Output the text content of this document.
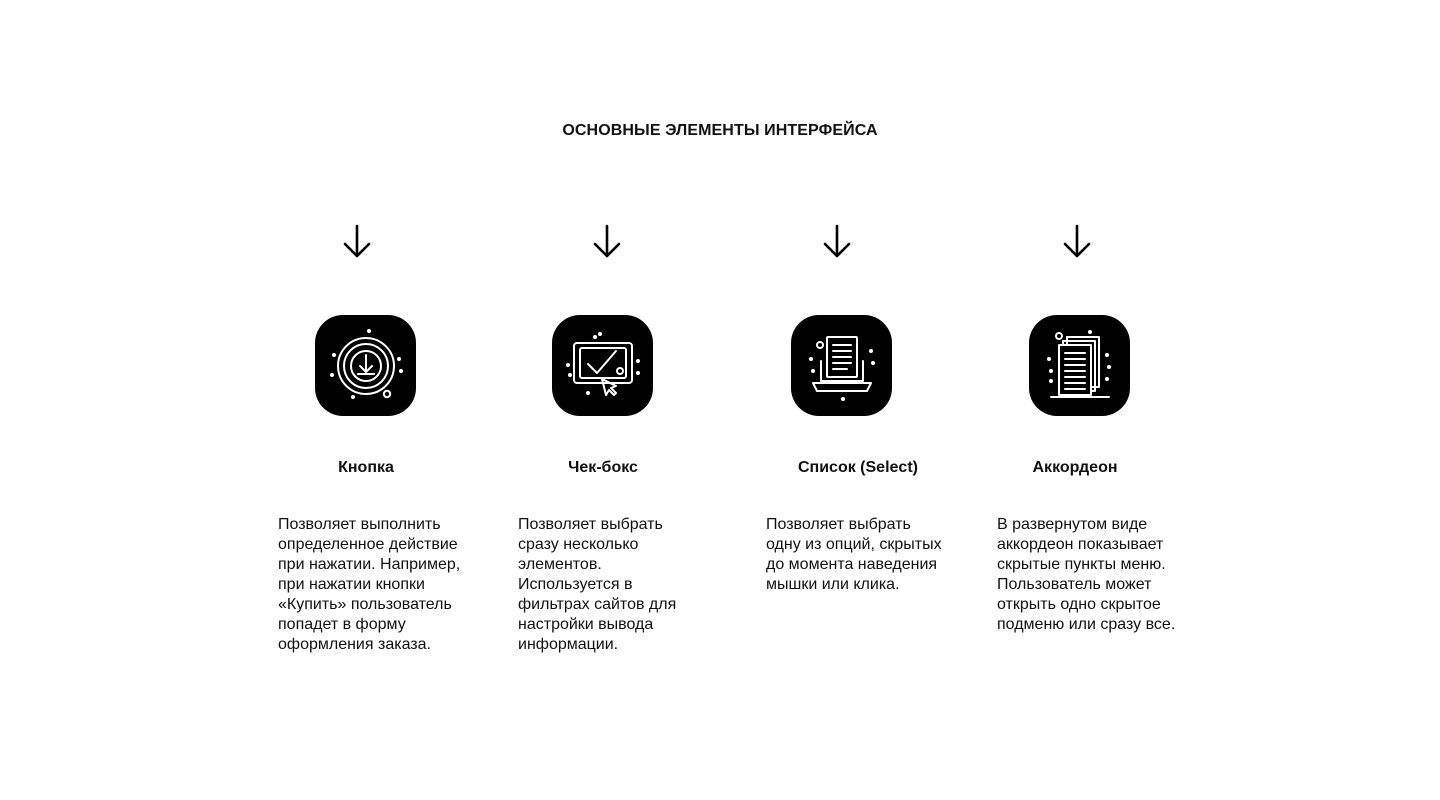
ОСНОВНЫЕ ЭЛЕМЕНТЫ ИНТЕРФЕЙСА
Кнопка
Позволяет выполнить
определенное действие
при нажатии. Например,
при нажатии кнопки
«Купить» пользователь
попадет в форму
оформления заказа.
Чек-бокс
Позволяет выбрать
сразу несколько
элементов.
Используется в
фильтрах сайтов для
настройки вывода
информации.
Список (Select)
Позволяет выбрать
одну из опций, скрытых
до момента наведения
мышки или клика.
Аккордеон
В развернутом виде
аккордеон показывает
скрытые пункты меню.
Пользователь может
открыть одно скрытое
подменю или сразу все.
